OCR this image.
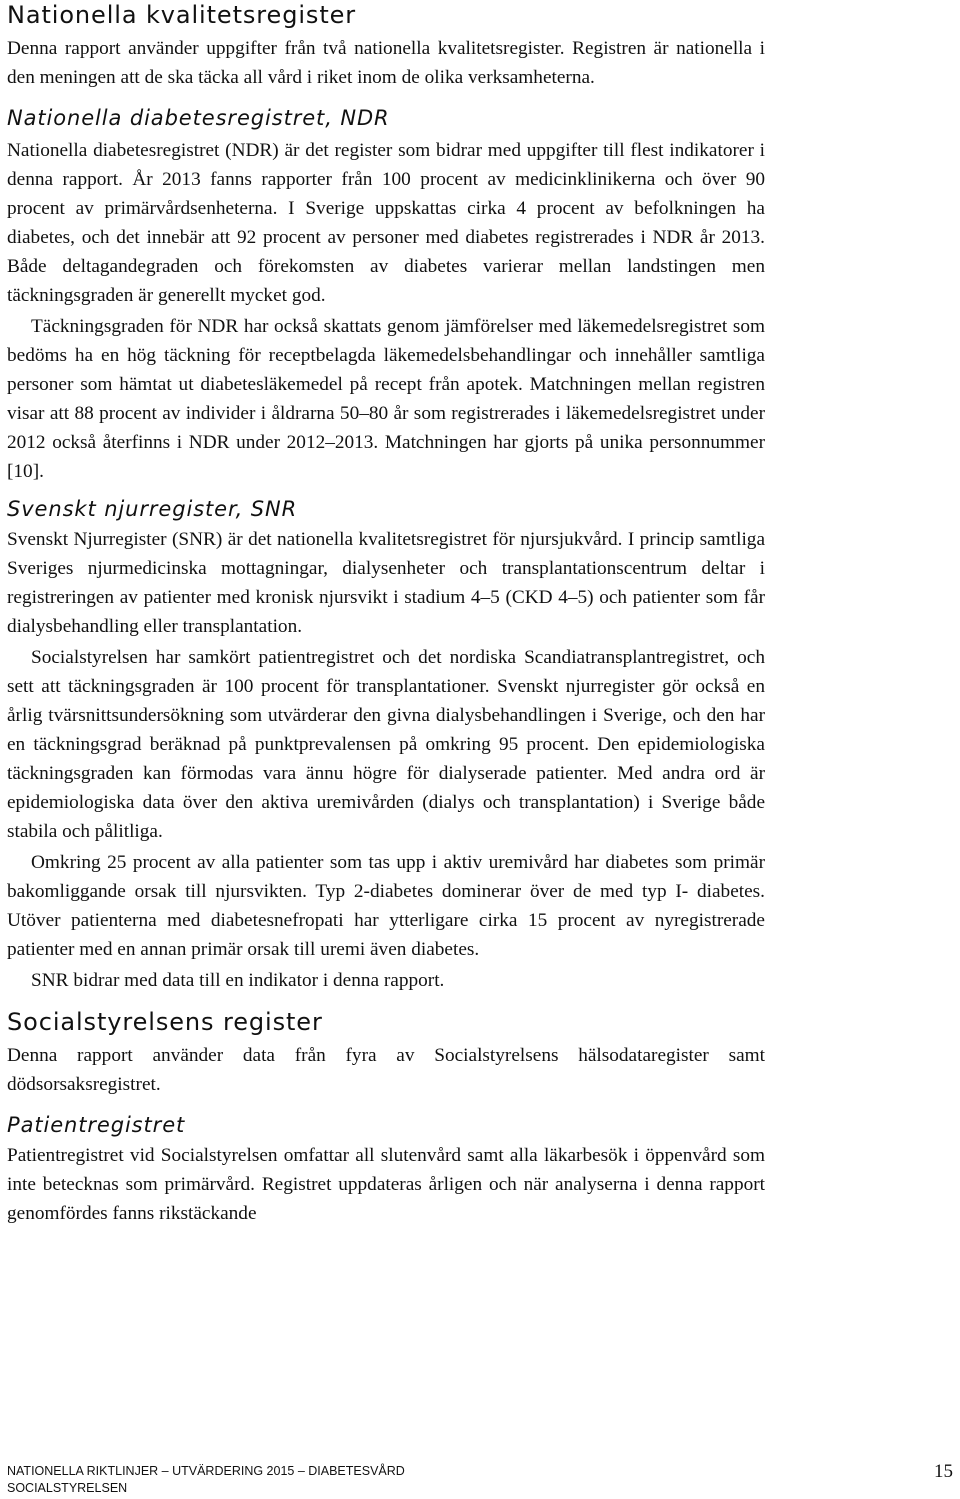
Nationella kvalitetsregister

Denna rapport använder uppgifter från två nationella kvalitetsregister. Registren är nationella i den meningen att de ska täcka all vård i riket inom de olika verksamheterna.

Nationella diabetesregistret, NDR

Nationella diabetesregistret (NDR) är det register som bidrar med uppgifter till flest indikatorer i denna rapport. År 2013 fanns rapporter från 100 procent av medicinklinikerna och över 90 procent av primärvårdsenheterna. I Sverige uppskattas cirka 4 procent av befolkningen ha diabetes, och det innebär att 92 procent av personer med diabetes registrerades i NDR år 2013. Både deltagandegraden och förekomsten av diabetes varierar mellan landstingen men täckningsgraden är generellt mycket god.

Täckningsgraden för NDR har också skattats genom jämförelser med läkemedelsregistret som bedöms ha en hög täckning för receptbelagda läkemedelsbehandlingar och innehåller samtliga personer som hämtat ut diabetesläkemedel på recept från apotek. Matchningen mellan registren visar att 88 procent av individer i åldrarna 50–80 år som registrerades i läkemedelsregistret under 2012 också återfinns i NDR under 2012–2013. Matchningen har gjorts på unika personnummer [10].

Svenskt njurregister, SNR

Svenskt Njurregister (SNR) är det nationella kvalitetsregistret för njursjukvård. I princip samtliga Sveriges njurmedicinska mottagningar, dialysenheter och transplantationscentrum deltar i registreringen av patienter med kronisk njursvikt i stadium 4–5 (CKD 4–5) och patienter som får dialysbehandling eller transplantation.

Socialstyrelsen har samkört patientregistret och det nordiska Scandiatransplantregistret, och sett att täckningsgraden är 100 procent för transplantationer. Svenskt njurregister gör också en årlig tvärsnittsundersökning som utvärderar den givna dialysbehandlingen i Sverige, och den har en täckningsgrad beräknad på punktprevalensen på omkring 95 procent. Den epidemiologiska täckningsgraden kan förmodas vara ännu högre för dialyserade patienter. Med andra ord är epidemiologiska data över den aktiva uremivården (dialys och transplantation) i Sverige både stabila och pålitliga.

Omkring 25 procent av alla patienter som tas upp i aktiv uremivård har diabetes som primär bakomliggande orsak till njursvikten. Typ 2-diabetes dominerar över de med typ I- diabetes. Utöver patienterna med diabetesnefropati har ytterligare cirka 15 procent av nyregistrerade patienter med en annan primär orsak till uremi även diabetes.

SNR bidrar med data till en indikator i denna rapport.

Socialstyrelsens register

Denna rapport använder data från fyra av Socialstyrelsens hälsodataregister samt dödsorsaksregistret.

Patientregistret

Patientregistret vid Socialstyrelsen omfattar all slutenvård samt alla läkarbesök i öppenvård som inte betecknas som primärvård. Registret uppdateras årligen och när analyserna i denna rapport genomfördes fanns rikstäckande

NATIONELLA RIKTLINJER – UTVÄRDERING 2015 – DIABETESVÅRD
SOCIALSTYRELSEN
15
